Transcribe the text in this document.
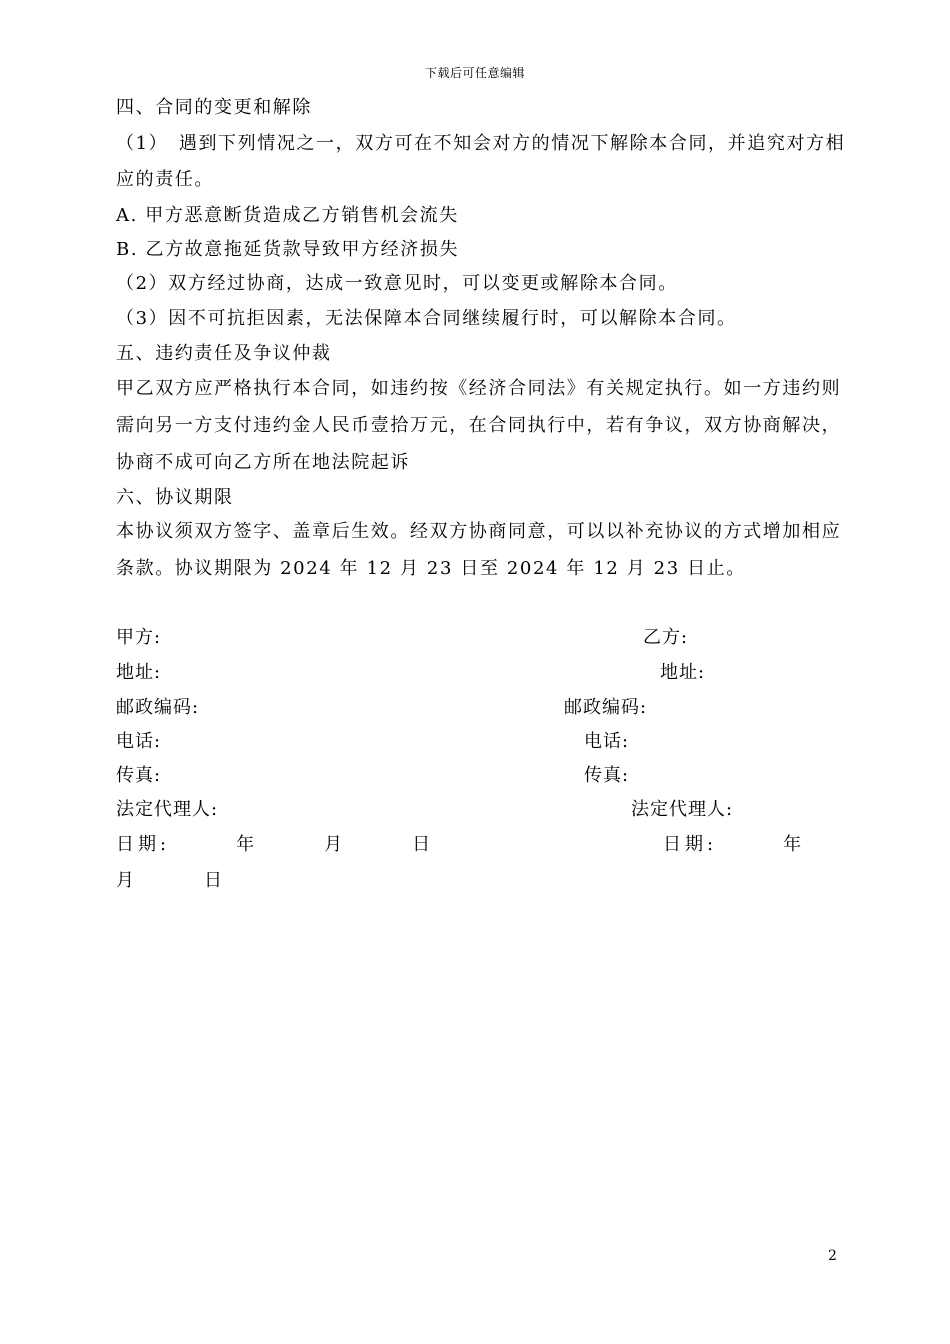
下载后可任意编辑
四、合同的变更和解除
（1）　遇到下列情况之一，双方可在不知会对方的情况下解除本合同，并追究对方相
应的责任。
A. 甲方恶意断货造成乙方销售机会流失
B. 乙方故意拖延货款导致甲方经济损失
（2）双方经过协商，达成一致意见时，可以变更或解除本合同。
（3）因不可抗拒因素，无法保障本合同继续履行时，可以解除本合同。
五、违约责任及争议仲裁
甲乙双方应严格执行本合同，如违约按《经济合同法》有关规定执行。如一方违约则
需向另一方支付违约金人民币壹拾万元，在合同执行中，若有争议，双方协商解决，
协商不成可向乙方所在地法院起诉
六、协议期限
本协议须双方签字、盖章后生效。经双方协商同意，可以以补充协议的方式增加相应
条款。协议期限为 2024 年 12 月 23 日至 2024 年 12 月 23 日止。
甲方:	乙方:
地址:	地址:
邮政编码:	邮政编码:
电话:	电话:
传真:	传真:
法定代理人:	法定代理人:
日期:　　　年　　　月　　　日	日期:　　　年
月　　　日
2
